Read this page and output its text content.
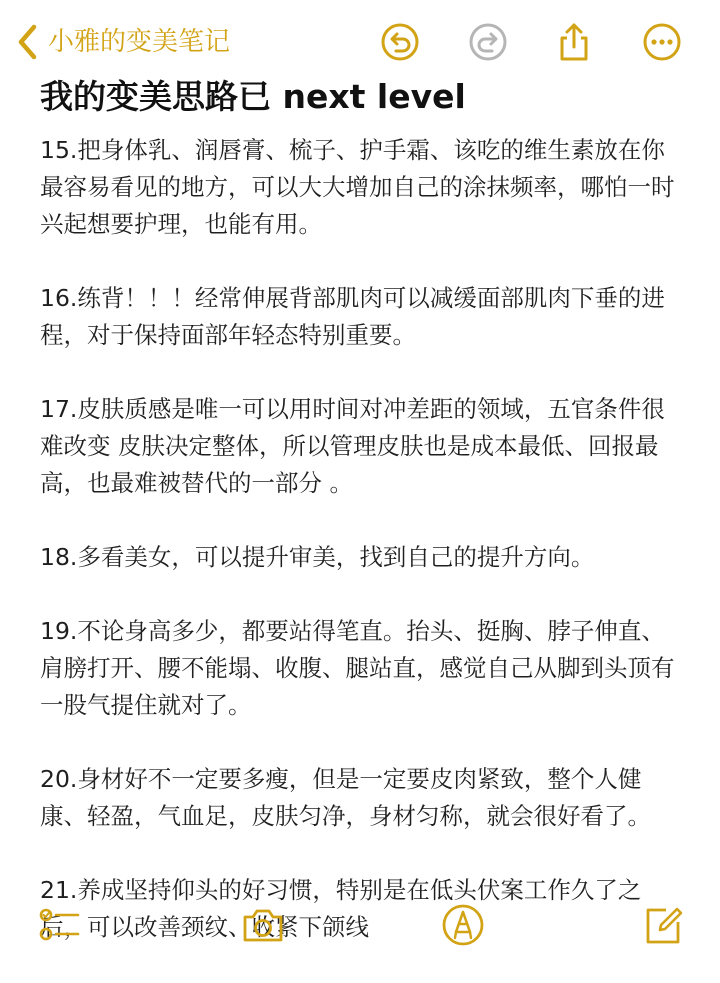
小雅的变美笔记
我的变美思路已 next level

15.把身体乳、润唇膏、梳子、护手霜、该吃的维生素放在你最容易看见的地方，可以大大增加自己的涂抹频率，哪怕一时兴起想要护理，也能有用。

16.练背！！！经常伸展背部肌肉可以减缓面部肌肉下垂的进程，对于保持面部年轻态特别重要。

17.皮肤质感是唯一可以用时间对冲差距的领域，五官条件很难改变 皮肤决定整体，所以管理皮肤也是成本最低、回报最高，也最难被替代的一部分 。

18.多看美女，可以提升审美，找到自己的提升方向。

19.不论身高多少，都要站得笔直。抬头、挺胸、脖子伸直、肩膀打开、腰不能塌、收腹、腿站直，感觉自己从脚到头顶有一股气提住就对了。

20.身材好不一定要多瘦，但是一定要皮肉紧致，整个人健康、轻盈，气血足，皮肤匀净，身材匀称，就会很好看了。

21.养成坚持仰头的好习惯，特别是在低头伏案工作久了之后，可以改善颈纹、收紧下颌线
